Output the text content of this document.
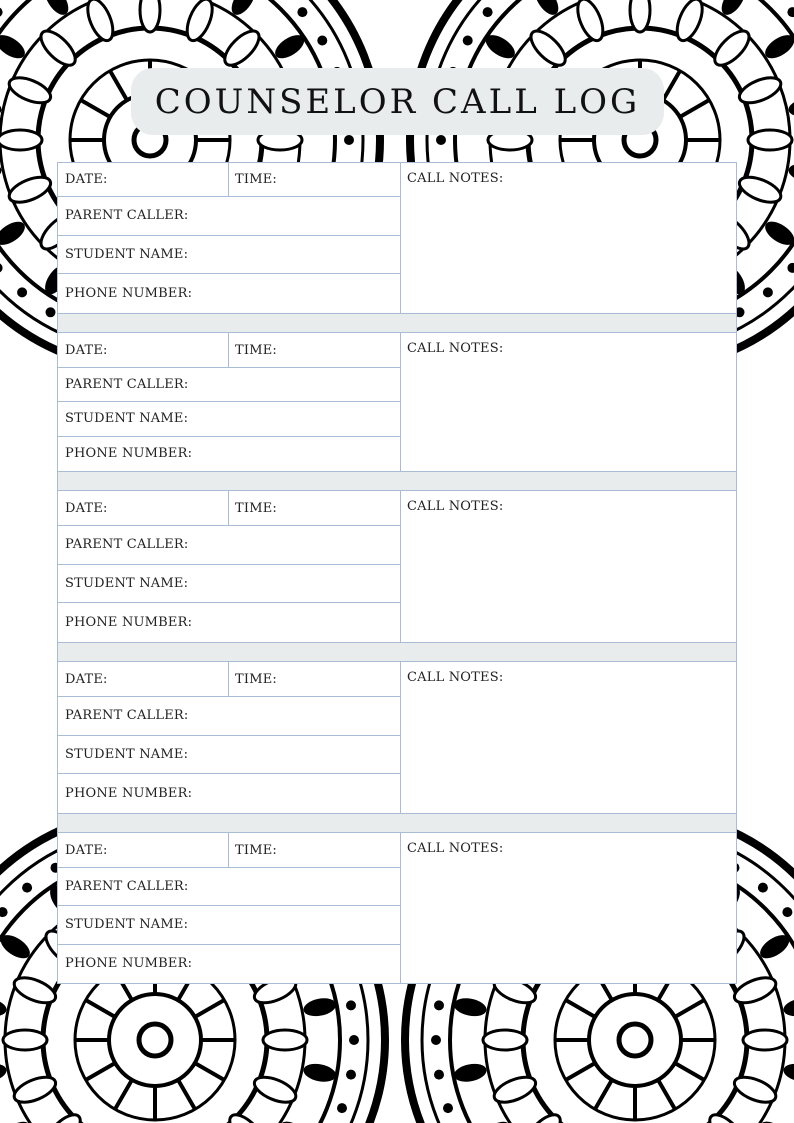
COUNSELOR CALL LOG
DATE:	TIME:
PARENT CALLER:
STUDENT NAME:
PHONE NUMBER:
CALL NOTES:
DATE:	TIME:
PARENT CALLER:
STUDENT NAME:
PHONE NUMBER:
CALL NOTES:
DATE:	TIME:
PARENT CALLER:
STUDENT NAME:
PHONE NUMBER:
CALL NOTES:
DATE:	TIME:
PARENT CALLER:
STUDENT NAME:
PHONE NUMBER:
CALL NOTES:
DATE:	TIME:
PARENT CALLER:
STUDENT NAME:
PHONE NUMBER:
CALL NOTES:
